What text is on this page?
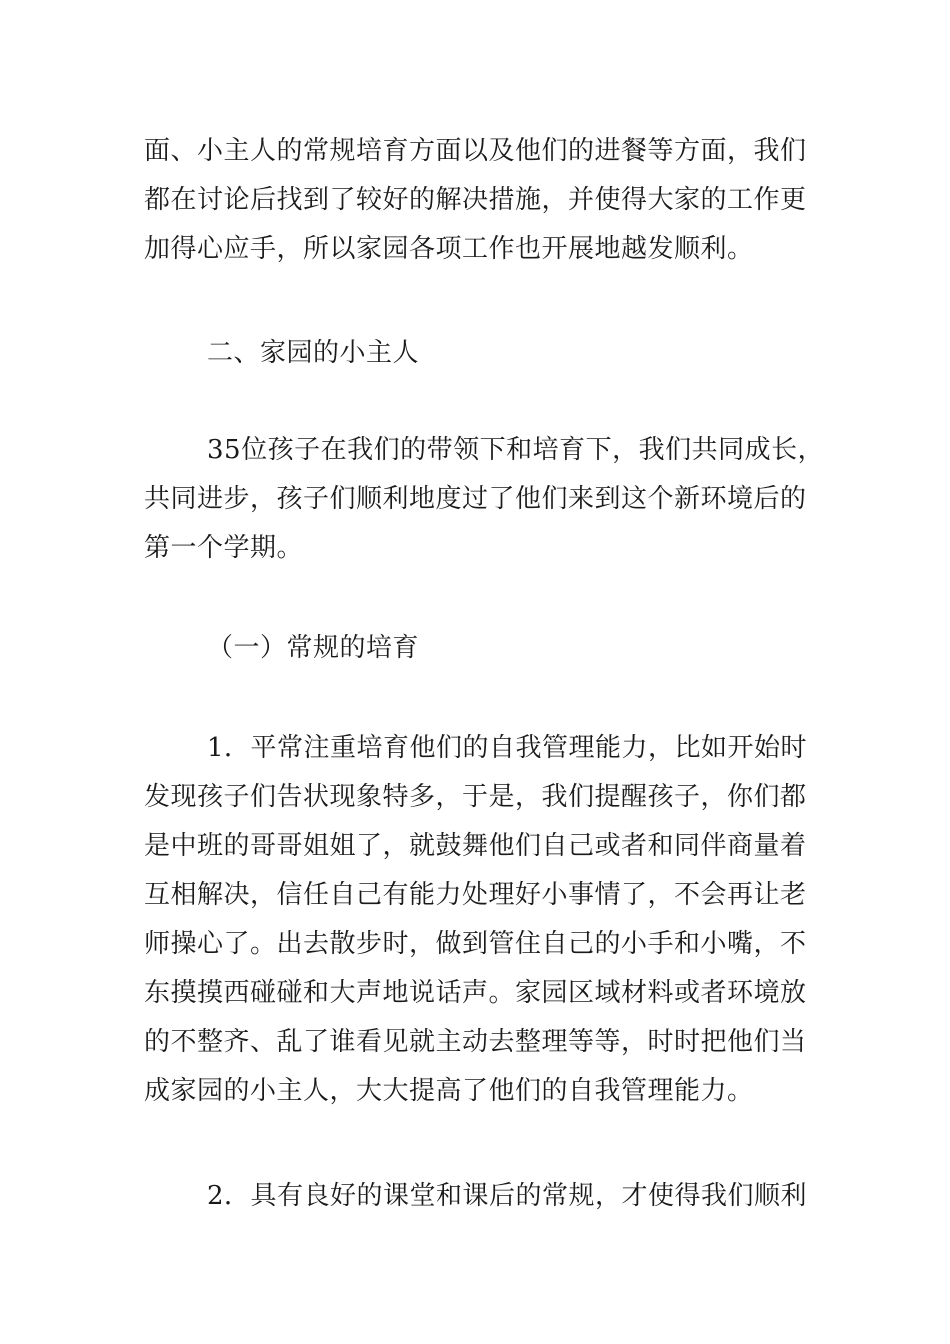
面、小主人的常规培育方面以及他们的进餐等方面，我们
都在讨论后找到了较好的解决措施，并使得大家的工作更
加得心应手，所以家园各项工作也开展地越发顺利。
二、家园的小主人
35位孩子在我们的带领下和培育下，我们共同成长，
共同进步，孩子们顺利地度过了他们来到这个新环境后的
第一个学期。
（一）常规的培育
1．平常注重培育他们的自我管理能力，比如开始时
发现孩子们告状现象特多，于是，我们提醒孩子，你们都
是中班的哥哥姐姐了，就鼓舞他们自己或者和同伴商量着
互相解决，信任自己有能力处理好小事情了，不会再让老
师操心了。出去散步时，做到管住自己的小手和小嘴，不
东摸摸西碰碰和大声地说话声。家园区域材料或者环境放
的不整齐、乱了谁看见就主动去整理等等，时时把他们当
成家园的小主人，大大提高了他们的自我管理能力。
2．具有良好的课堂和课后的常规，才使得我们顺利
